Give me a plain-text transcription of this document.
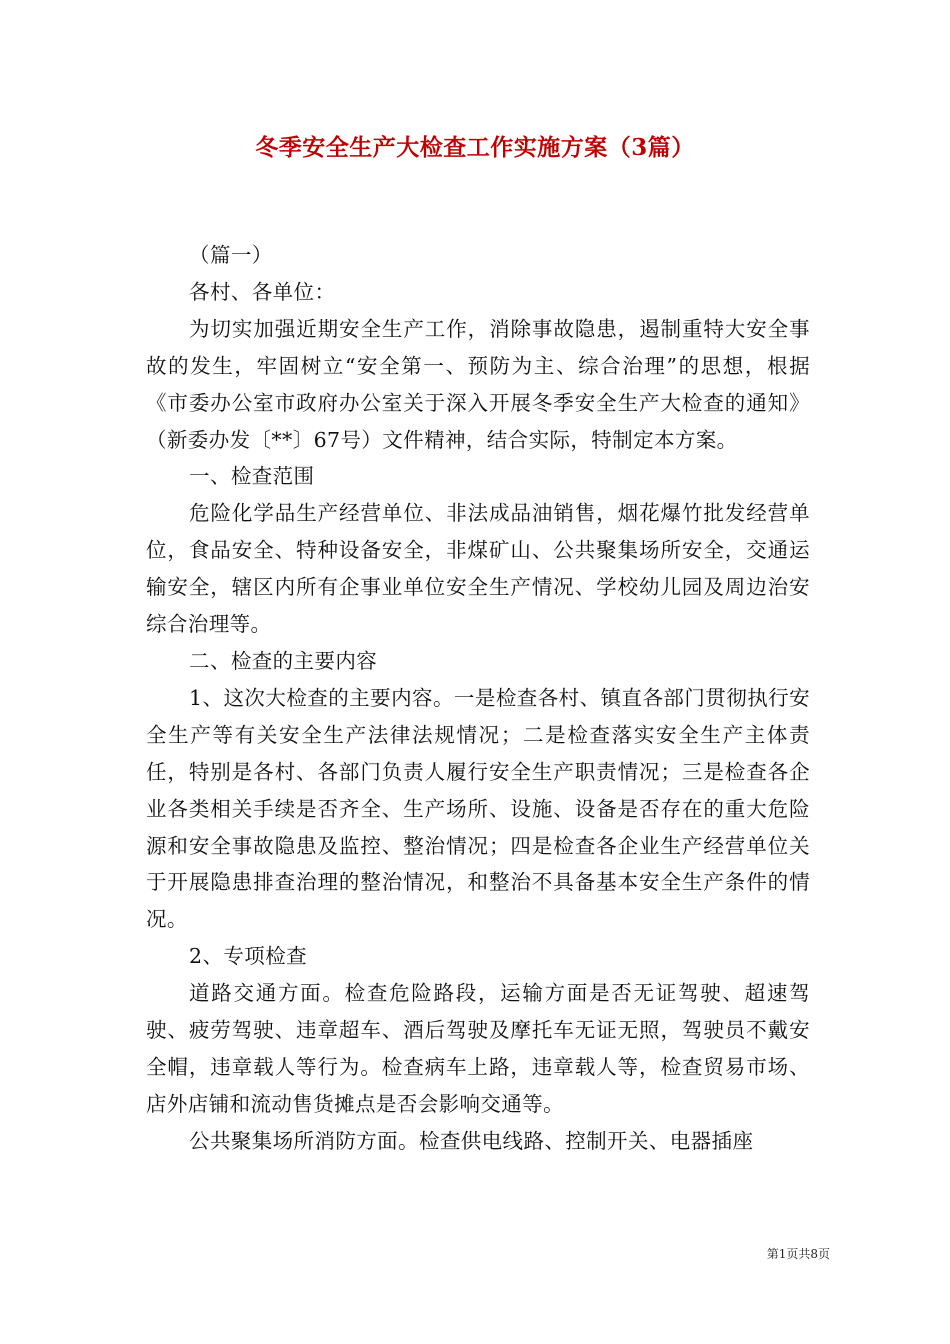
冬季安全生产大检查工作实施方案（3篇）

（篇一）

各村、各单位：

为切实加强近期安全生产工作，消除事故隐患，遏制重特大安全事故的发生，牢固树立“安全第一、预防为主、综合治理”的思想，根据《市委办公室市政府办公室关于深入开展冬季安全生产大检查的通知》（新委办发〔**〕67号）文件精神，结合实际，特制定本方案。

一、检查范围

危险化学品生产经营单位、非法成品油销售，烟花爆竹批发经营单位，食品安全、特种设备安全，非煤矿山、公共聚集场所安全，交通运输安全，辖区内所有企事业单位安全生产情况、学校幼儿园及周边治安综合治理等。

二、检查的主要内容

1、这次大检查的主要内容。一是检查各村、镇直各部门贯彻执行安全生产等有关安全生产法律法规情况；二是检查落实安全生产主体责任，特别是各村、各部门负责人履行安全生产职责情况；三是检查各企业各类相关手续是否齐全、生产场所、设施、设备是否存在的重大危险源和安全事故隐患及监控、整治情况；四是检查各企业生产经营单位关于开展隐患排查治理的整治情况，和整治不具备基本安全生产条件的情况。

2、专项检查

道路交通方面。检查危险路段，运输方面是否无证驾驶、超速驾驶、疲劳驾驶、违章超车、酒后驾驶及摩托车无证无照，驾驶员不戴安全帽，违章载人等行为。检查病车上路，违章载人等，检查贸易市场、店外店铺和流动售货摊点是否会影响交通等。

公共聚集场所消防方面。检查供电线路、控制开关、电器插座

第1页共8页
